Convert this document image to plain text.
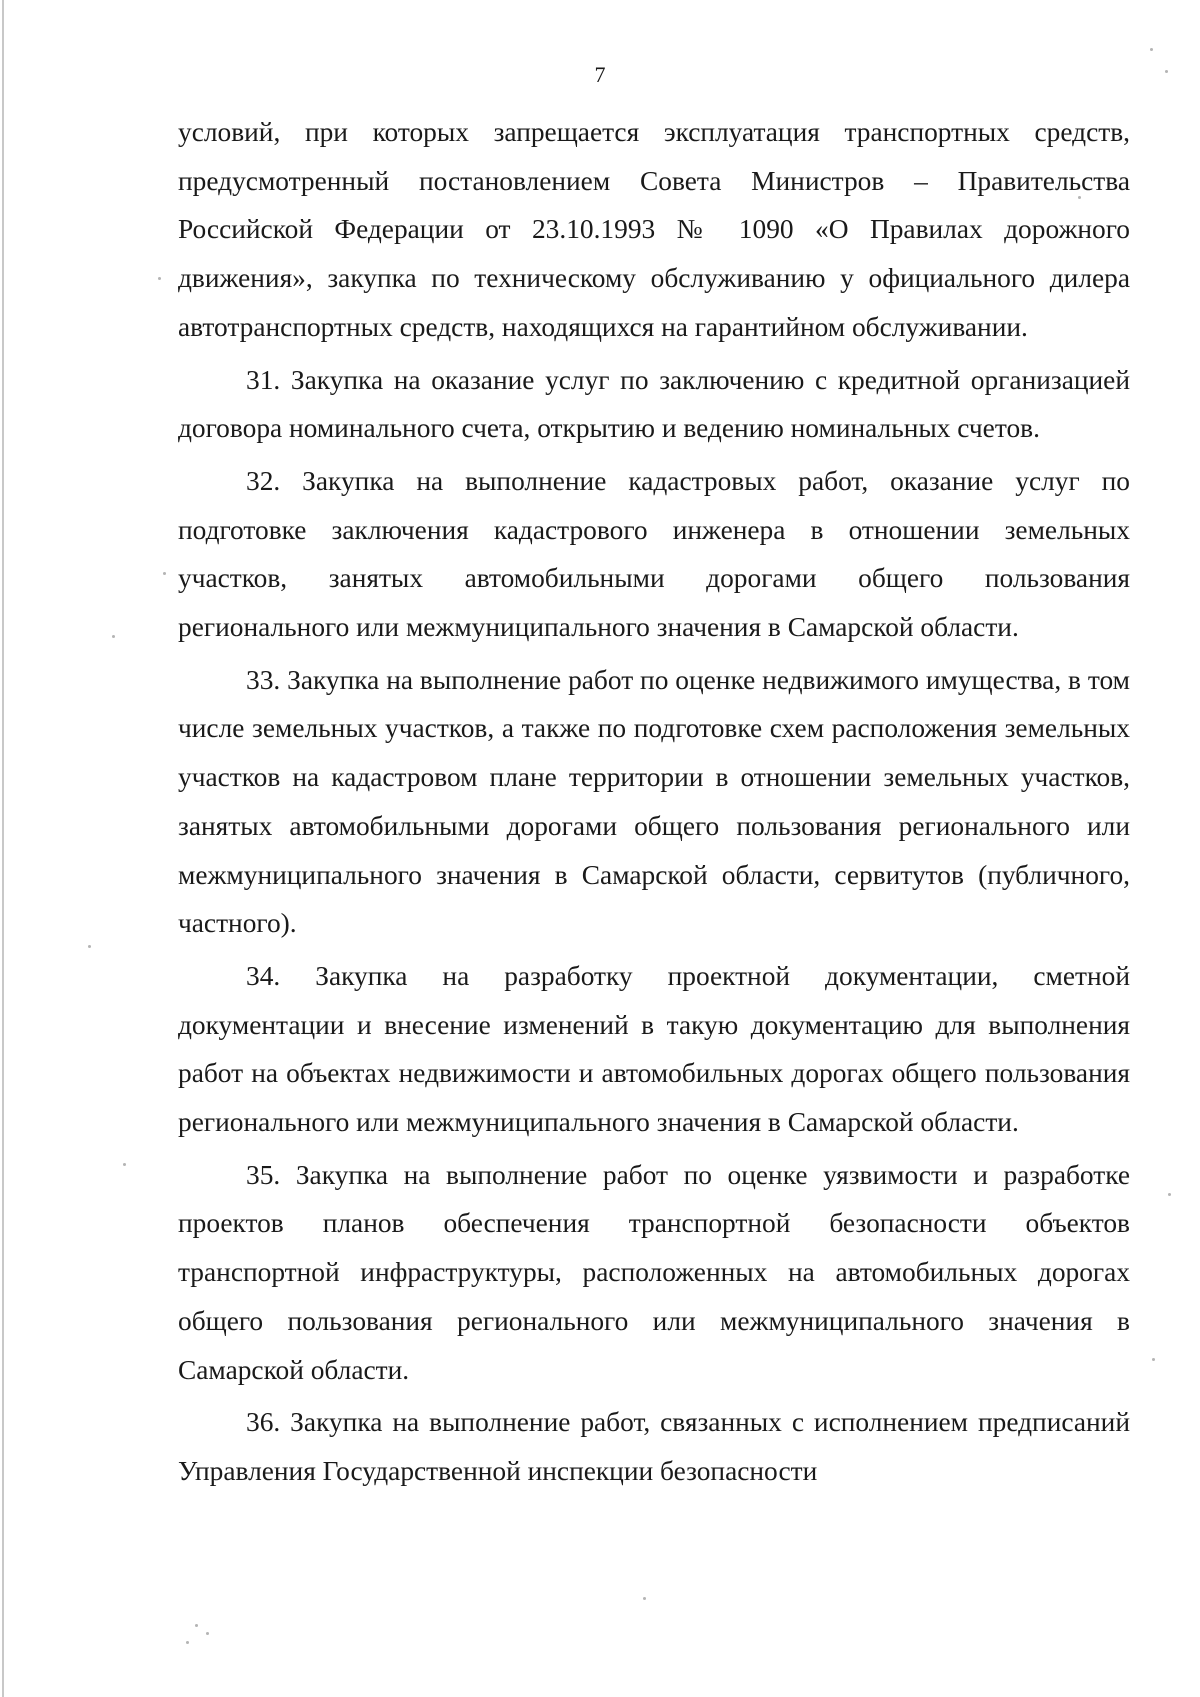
7

условий, при которых запрещается эксплуатация транспортных средств, предусмотренный постановлением Совета Министров – Правительства Российской Федерации от 23.10.1993 № 1090 «О Правилах дорожного движения», закупка по техническому обслуживанию у официального дилера автотранспортных средств, находящихся на гарантийном обслуживании.

31. Закупка на оказание услуг по заключению с кредитной организацией договора номинального счета, открытию и ведению номинальных счетов.

32. Закупка на выполнение кадастровых работ, оказание услуг по подготовке заключения кадастрового инженера в отношении земельных участков, занятых автомобильными дорогами общего пользования регионального или межмуниципального значения в Самарской области.

33. Закупка на выполнение работ по оценке недвижимого имущества, в том числе земельных участков, а также по подготовке схем расположения земельных участков на кадастровом плане территории в отношении земельных участков, занятых автомобильными дорогами общего пользования регионального или межмуниципального значения в Самарской области, сервитутов (публичного, частного).

34. Закупка на разработку проектной документации, сметной документации и внесение изменений в такую документацию для выполнения работ на объектах недвижимости и автомобильных дорогах общего пользования регионального или межмуниципального значения в Самарской области.

35. Закупка на выполнение работ по оценке уязвимости и разработке проектов планов обеспечения транспортной безопасности объектов транспортной инфраструктуры, расположенных на автомобильных дорогах общего пользования регионального или межмуниципального значения в Самарской области.

36. Закупка на выполнение работ, связанных с исполнением предписаний Управления Государственной инспекции безопасности
